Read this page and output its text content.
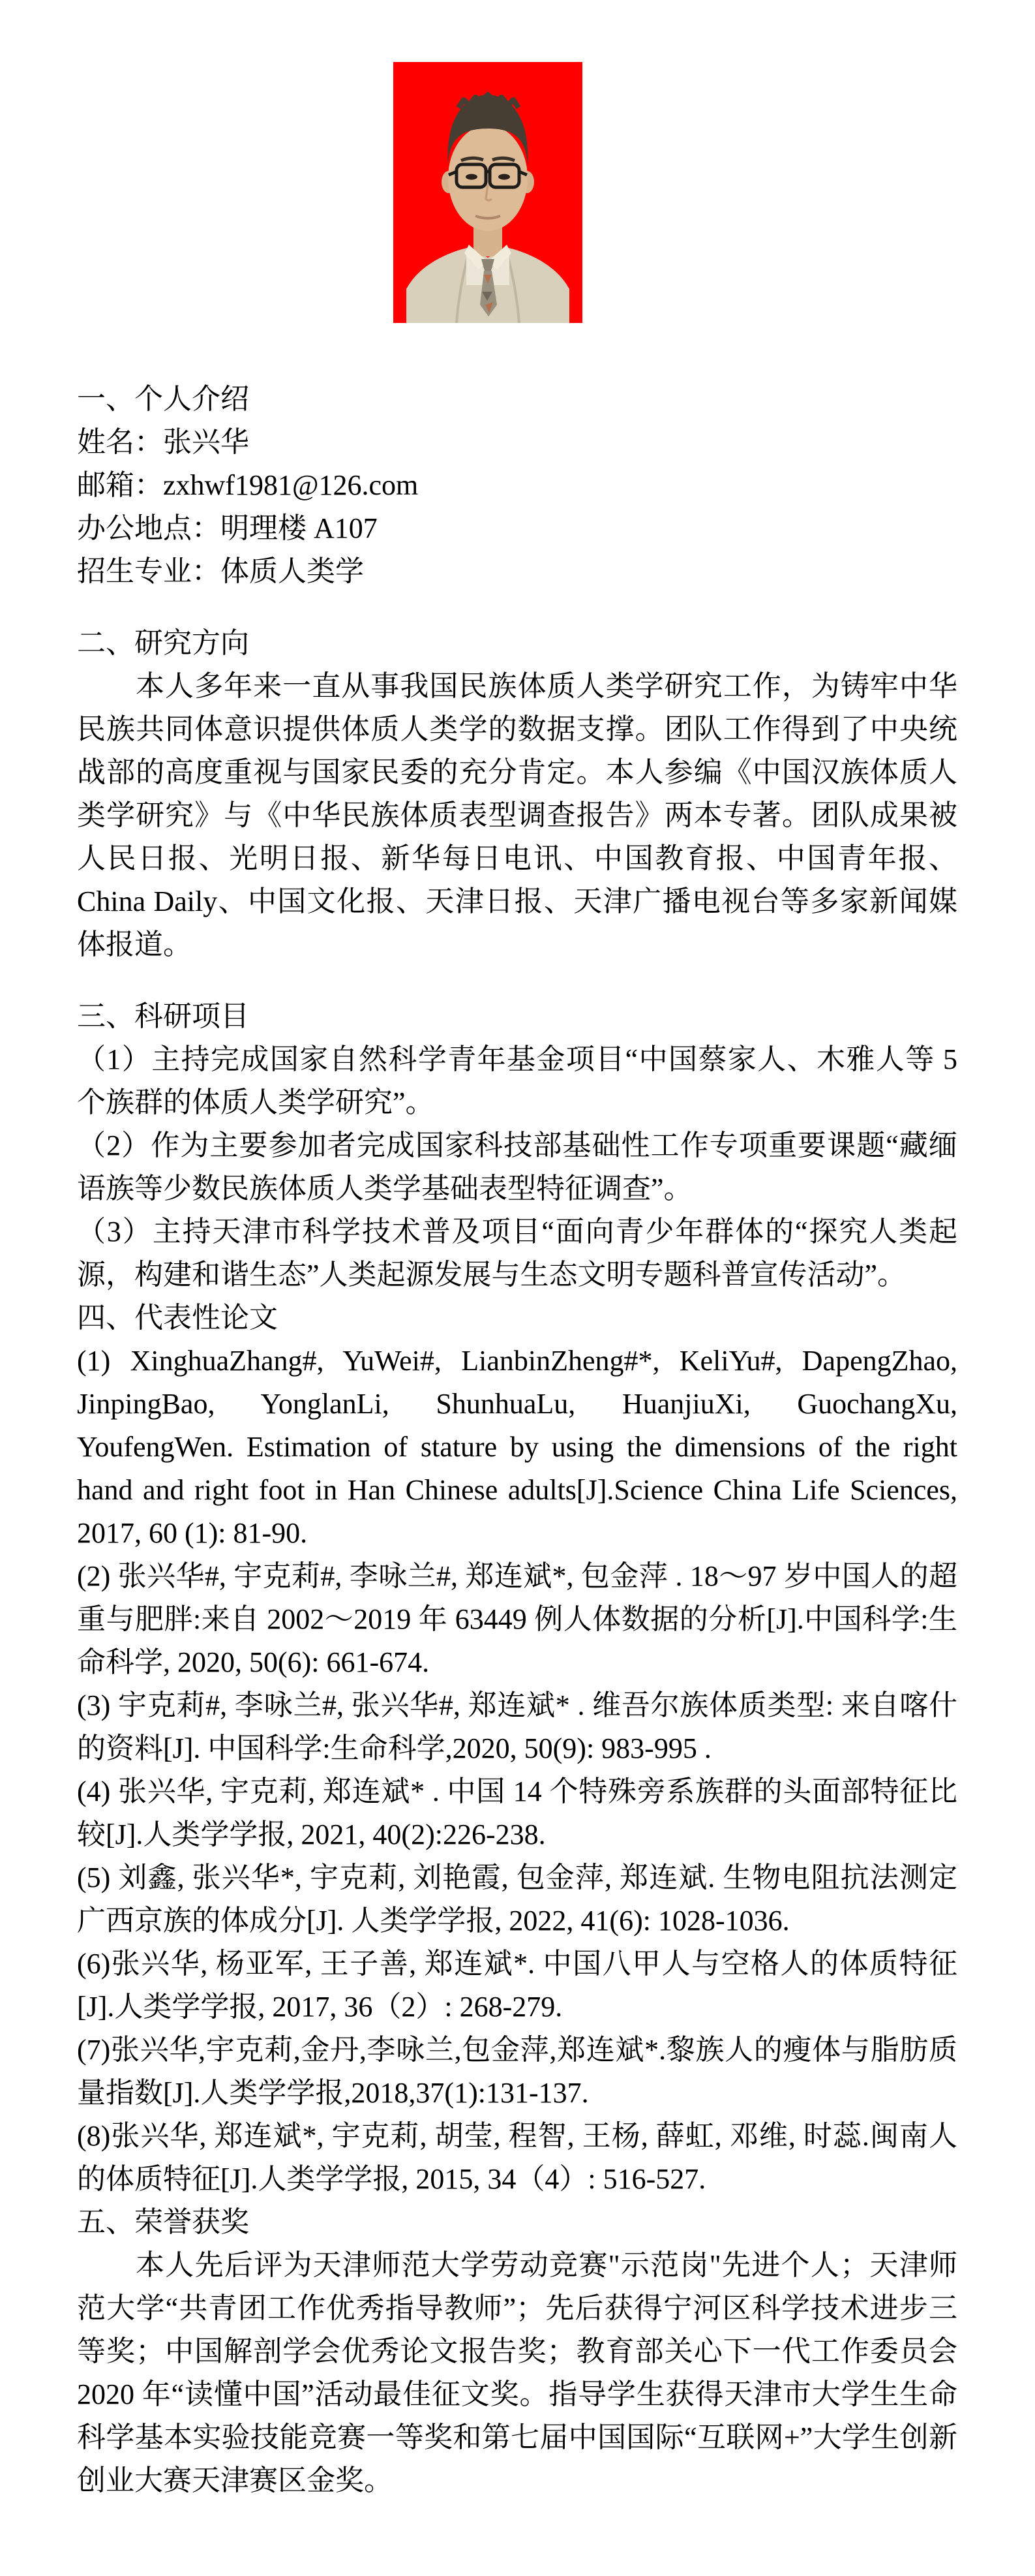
一、个人介绍

姓名：张兴华

邮箱：zxhwf1981@126.com

办公地点：明理楼 A107

招生专业：体质人类学

二、研究方向

本人多年来一直从事我国民族体质人类学研究工作，为铸牢中华民族共同体意识提供体质人类学的数据支撑。团队工作得到了中央统战部的高度重视与国家民委的充分肯定。本人参编《中国汉族体质人类学研究》与《中华民族体质表型调查报告》两本专著。团队成果被人民日报、光明日报、新华每日电讯、中国教育报、中国青年报、China Daily、中国文化报、天津日报、天津广播电视台等多家新闻媒体报道。

三、科研项目

（1）主持完成国家自然科学青年基金项目“中国蔡家人、木雅人等 5 个族群的体质人类学研究”。

（2）作为主要参加者完成国家科技部基础性工作专项重要课题“藏缅语族等少数民族体质人类学基础表型特征调查”。

（3）主持天津市科学技术普及项目“面向青少年群体的“探究人类起源，构建和谐生态”人类起源发展与生态文明专题科普宣传活动”。

四、代表性论文

(1) XinghuaZhang#, YuWei#, LianbinZheng#*, KeliYu#, DapengZhao, JinpingBao, YonglanLi, ShunhuaLu, HuanjiuXi, GuochangXu, YoufengWen. Estimation of stature by using the dimensions of the right hand and right foot in Han Chinese adults[J].Science China Life Sciences, 2017, 60 (1): 81-90.

(2) 张兴华#, 宇克莉#, 李咏兰#, 郑连斌*, 包金萍 . 18～97 岁中国人的超重与肥胖:来自 2002～2019 年 63449 例人体数据的分析[J].中国科学:生命科学, 2020, 50(6): 661-674.

(3) 宇克莉#, 李咏兰#, 张兴华#, 郑连斌* . 维吾尔族体质类型: 来自喀什的资料[J]. 中国科学:生命科学,2020, 50(9): 983-995 .

(4) 张兴华, 宇克莉, 郑连斌* . 中国 14 个特殊旁系族群的头面部特征比较[J].人类学学报, 2021, 40(2):226-238.

(5) 刘鑫, 张兴华*, 宇克莉, 刘艳霞, 包金萍, 郑连斌. 生物电阻抗法测定广西京族的体成分[J]. 人类学学报, 2022, 41(6): 1028-1036.

(6)张兴华, 杨亚军, 王子善, 郑连斌*. 中国八甲人与空格人的体质特征[J].人类学学报, 2017, 36（2）: 268-279.

(7)张兴华,宇克莉,金丹,李咏兰,包金萍,郑连斌*.黎族人的瘦体与脂肪质量指数[J].人类学学报,2018,37(1):131-137.

(8)张兴华, 郑连斌*, 宇克莉, 胡莹, 程智, 王杨, 薛虹, 邓维, 时蕊.闽南人的体质特征[J].人类学学报, 2015, 34（4）: 516-527.

五、荣誉获奖

本人先后评为天津师范大学劳动竞赛"示范岗"先进个人；天津师范大学“共青团工作优秀指导教师”；先后获得宁河区科学技术进步三等奖；中国解剖学会优秀论文报告奖；教育部关心下一代工作委员会 2020 年“读懂中国”活动最佳征文奖。指导学生获得天津市大学生生命科学基本实验技能竞赛一等奖和第七届中国国际“互联网+”大学生创新创业大赛天津赛区金奖。
